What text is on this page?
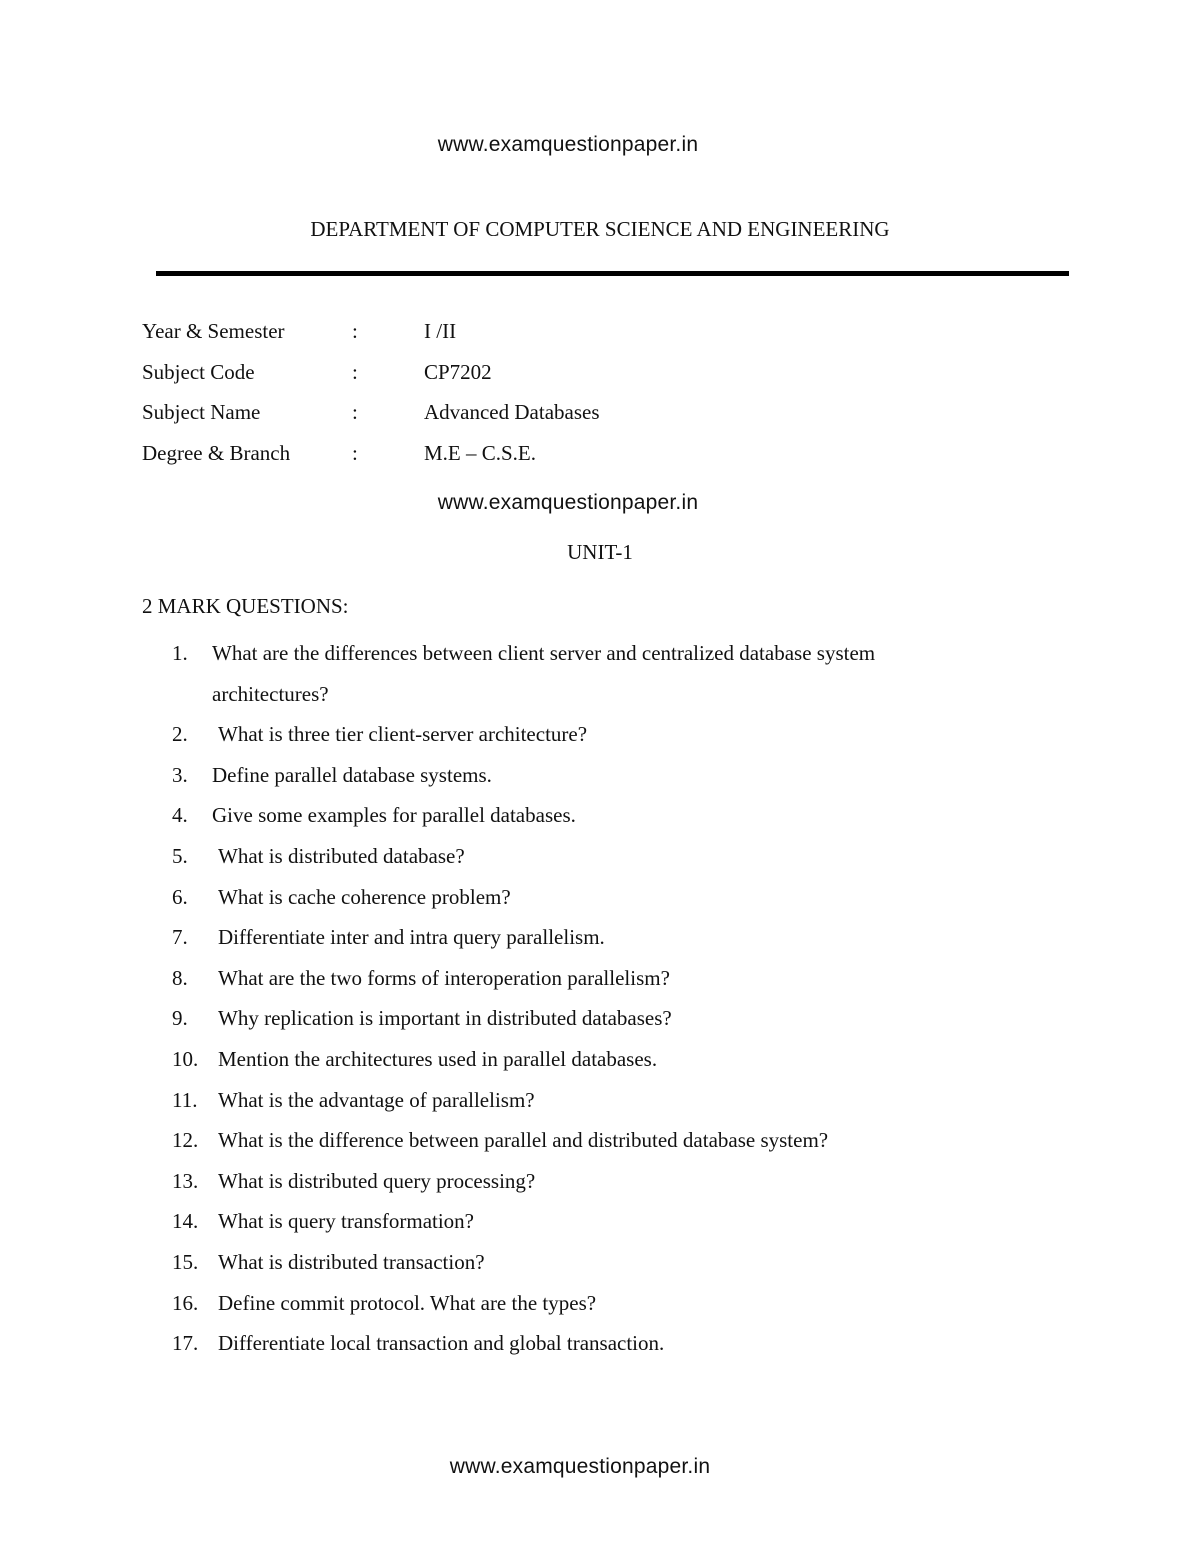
www.examquestionpaper.in
DEPARTMENT OF COMPUTER SCIENCE AND ENGINEERING
Year & Semester	:	I /II
Subject Code	:	CP7202
Subject Name	:	Advanced Databases
Degree & Branch	:	M.E – C.S.E.
www.examquestionpaper.in
UNIT-1
2 MARK QUESTIONS:
1.	What are the differences between client server and centralized database system architectures?
2.	What is three tier client-server architecture?
3.	Define parallel database systems.
4.	Give some examples for parallel databases.
5.	What is distributed database?
6.	What is cache coherence problem?
7.	Differentiate inter and intra query parallelism.
8.	What are the two forms of interoperation parallelism?
9.	Why replication is important in distributed databases?
10. Mention the architectures used in parallel databases.
11. What is the advantage of parallelism?
12. What is the difference between parallel and distributed database system?
13. What is distributed query processing?
14. What is query transformation?
15. What is distributed transaction?
16. Define commit protocol. What are the types?
17. Differentiate local transaction and global transaction.
www.examquestionpaper.in
